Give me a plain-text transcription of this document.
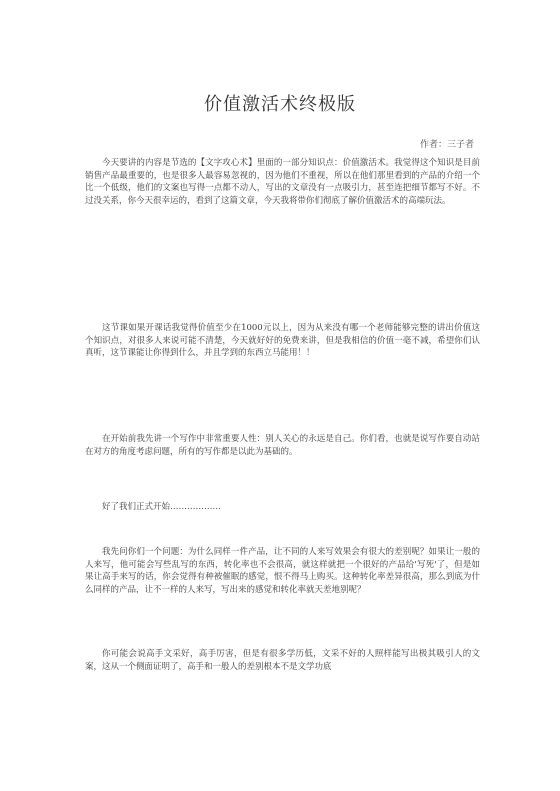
价值激活术终极版
作者：三子者
今天要讲的内容是节选的【文字攻心术】里面的一部分知识点：价值激活术。我觉得这个知识是目前销售产品最重要的，也是很多人最容易忽视的，因为他们不重视，所以在他们那里看到的产品的介绍一个比一个低级，他们的文案也写得一点都不动人，写出的文章没有一点吸引力，甚至连把细节都写不好。不过没关系，你今天很幸运的，看到了这篇文章，今天我将带你们彻底了解价值激活术的高端玩法。
这节课如果开课话我觉得价值至少在1000元以上，因为从来没有哪一个老师能够完整的讲出价值这个知识点，对很多人来说可能不清楚，今天就好好的免费来讲，但是我相信的价值一毫不减，希望你们认真听，这节课能让你得到什么，并且学到的东西立马能用！！
在开始前我先讲一个写作中非常重要人性：别人关心的永远是自己。你们看，也就是说写作要自动站在对方的角度考虑问题，所有的写作都是以此为基础的。
好了我们正式开始………………
我先问你们一个问题：为什么同样一件产品，让不同的人来写效果会有很大的差别呢？如果让一般的人来写，他可能会写些乱写的东西，转化率也不会很高，就这样就把一个很好的产品给'写死'了，但是如果让高手来写的话，你会觉得有种被催眠的感觉，恨不得马上购买。这种转化率差异很高，那么到底为什么同样的产品，让不一样的人来写，写出来的感觉和转化率就天差地别呢？
你可能会说高手文采好，高手厉害，但是有很多学历低，文采不好的人照样能写出极其吸引人的文案，这从一个侧面证明了，高手和一般人的差别根本不是文学功底
